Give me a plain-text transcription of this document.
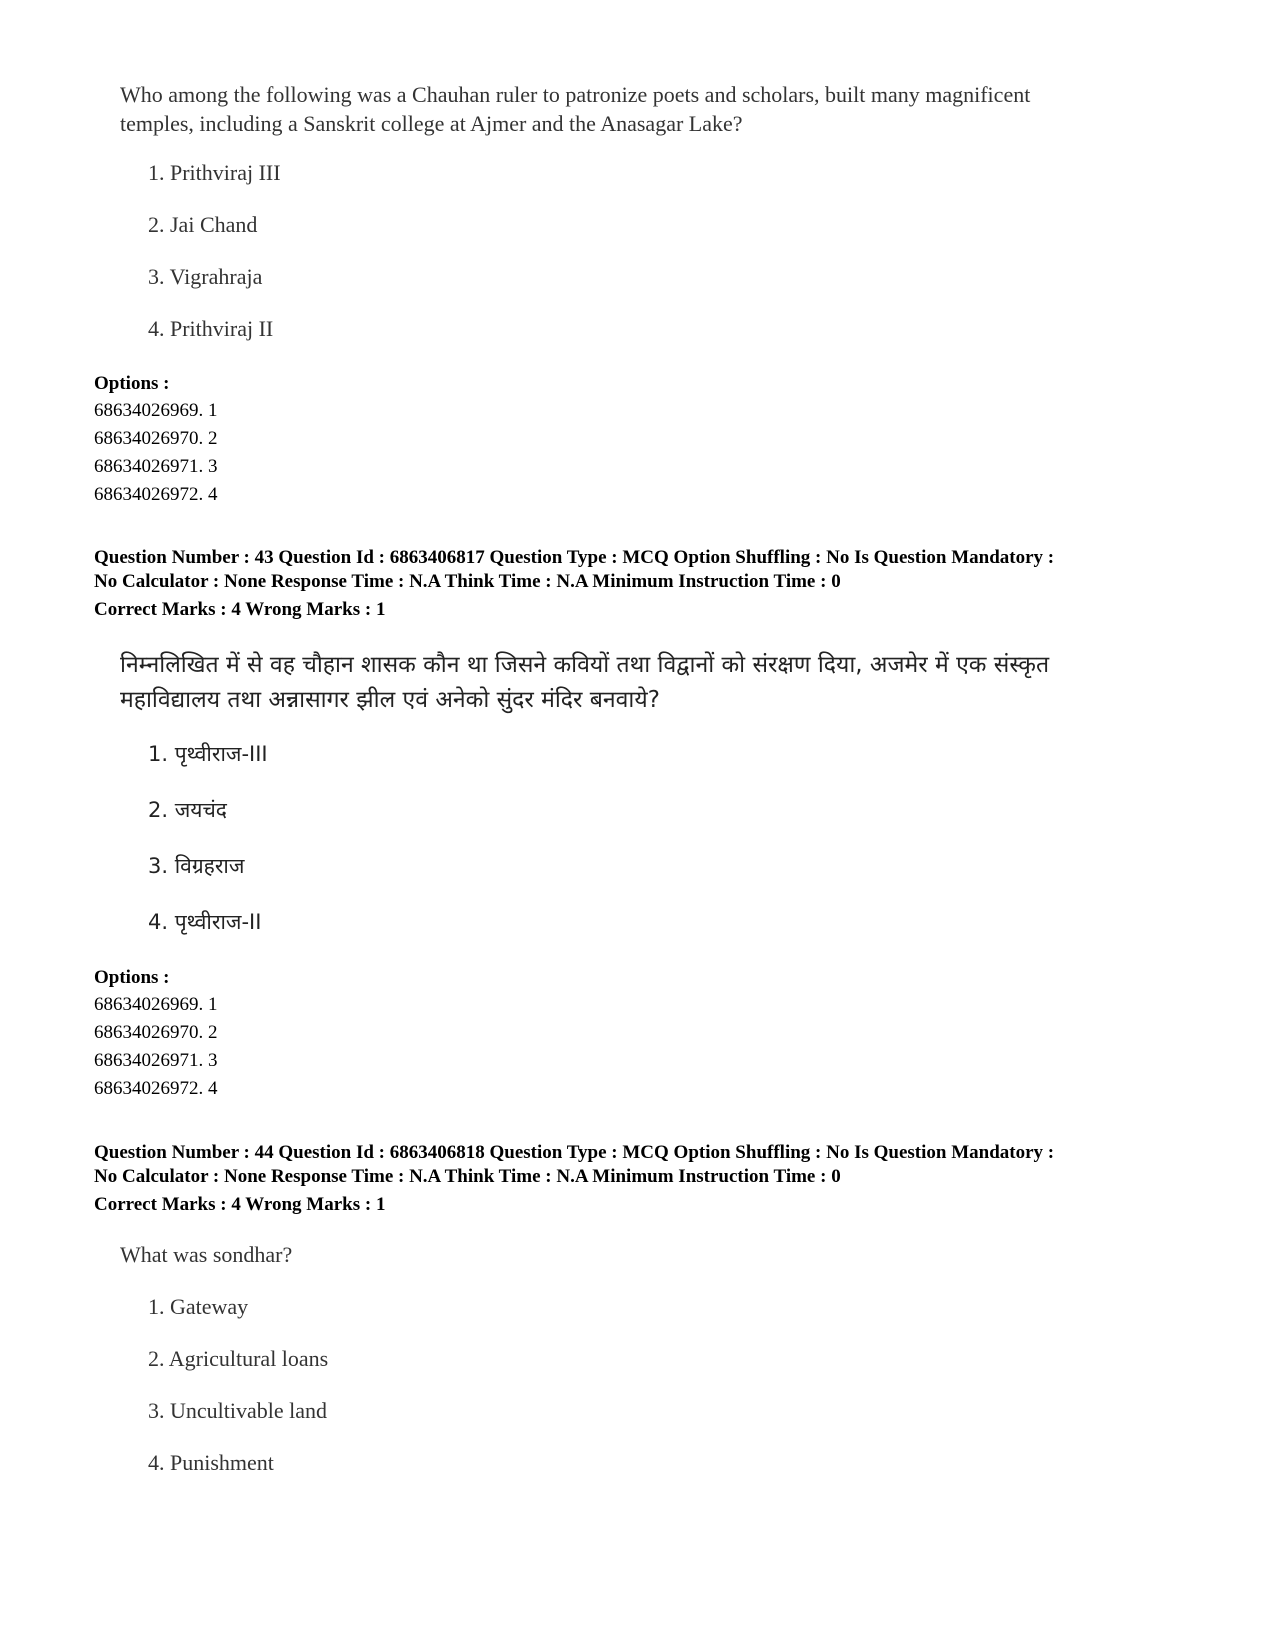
Who among the following was a Chauhan ruler to patronize poets and scholars, built many magnificent
temples, including a Sanskrit college at Ajmer and the Anasagar Lake?
1. Prithviraj III
2. Jai Chand
3. Vigrahraja
4. Prithviraj II
Options :
68634026969. 1
68634026970. 2
68634026971. 3
68634026972. 4
Question Number : 43 Question Id : 6863406817 Question Type : MCQ Option Shuffling : No Is Question Mandatory :
No Calculator : None Response Time : N.A Think Time : N.A Minimum Instruction Time : 0
Correct Marks : 4 Wrong Marks : 1
निम्नलिखित में से वह चौहान शासक कौन था जिसने कवियों तथा विद्वानों को संरक्षण दिया, अजमेर में एक संस्कृत
महाविद्यालय तथा अन्नासागर झील एवं अनेको सुंदर मंदिर बनवाये?
1. पृथ्वीराज-III
2. जयचंद
3. विग्रहराज
4. पृथ्वीराज-II
Options :
68634026969. 1
68634026970. 2
68634026971. 3
68634026972. 4
Question Number : 44 Question Id : 6863406818 Question Type : MCQ Option Shuffling : No Is Question Mandatory :
No Calculator : None Response Time : N.A Think Time : N.A Minimum Instruction Time : 0
Correct Marks : 4 Wrong Marks : 1
What was sondhar?
1. Gateway
2. Agricultural loans
3. Uncultivable land
4. Punishment
